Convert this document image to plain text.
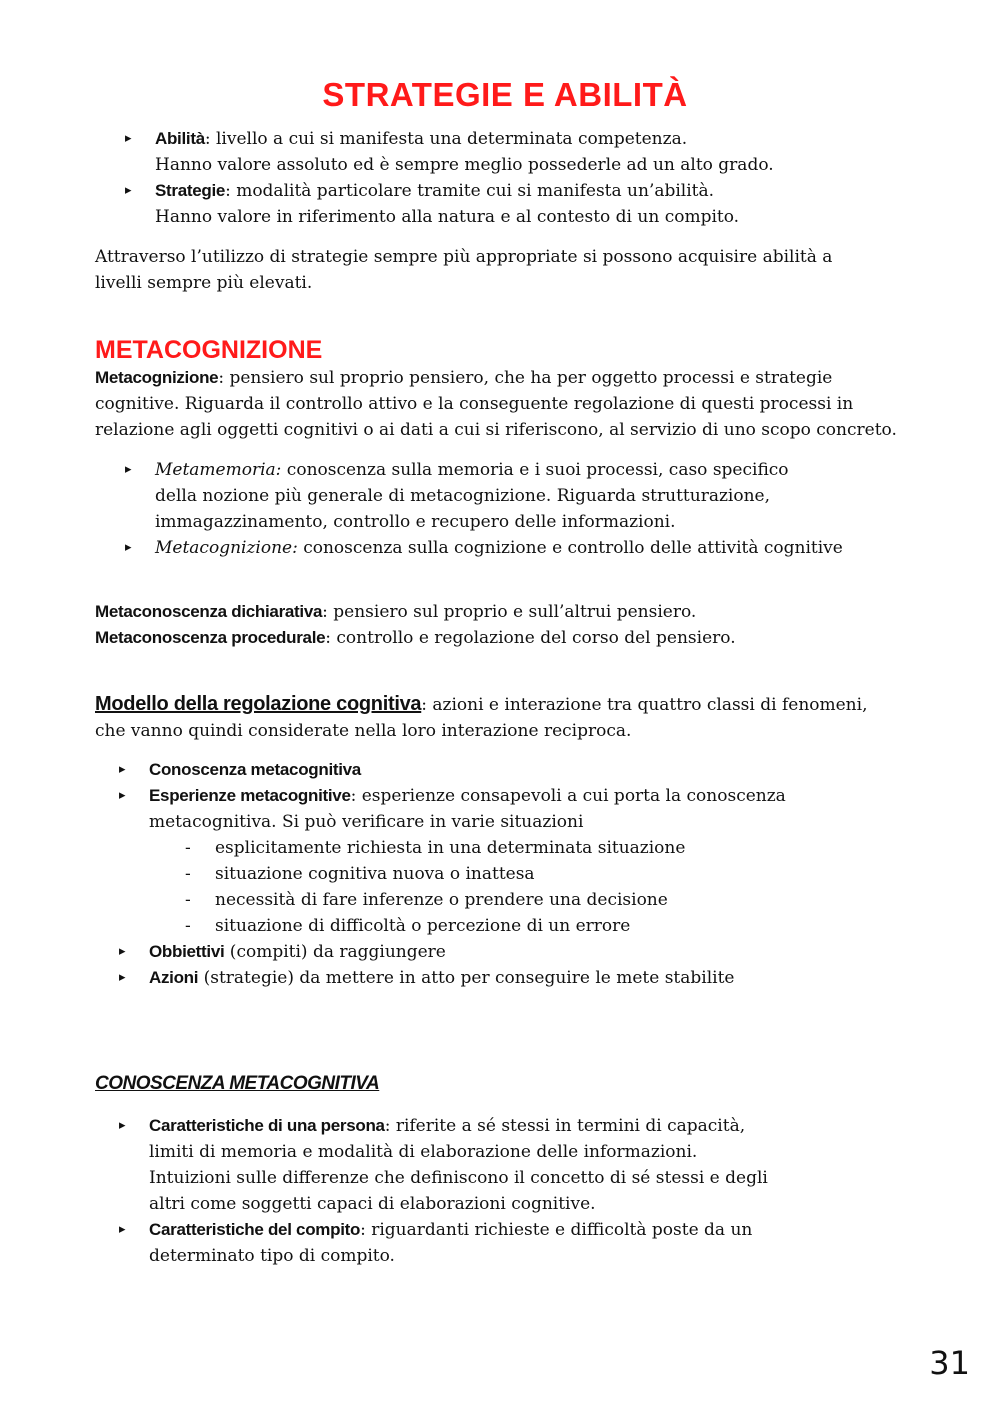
STRATEGIE E ABILITÀ
▸ Abilità: livello a cui si manifesta una determinata competenza.
Hanno valore assoluto ed è sempre meglio possederle ad un alto grado.
▸ Strategie: modalità particolare tramite cui si manifesta un’abilità.
Hanno valore in riferimento alla natura e al contesto di un compito.

Attraverso l’utilizzo di strategie sempre più appropriate si possono acquisire abilità a
livelli sempre più elevati.

METACOGNIZIONE

Metacognizione: pensiero sul proprio pensiero, che ha per oggetto processi e strategie
cognitive. Riguarda il controllo attivo e la conseguente regolazione di questi processi in
relazione agli oggetti cognitivi o ai dati a cui si riferiscono, al servizio di uno scopo concreto.

▸ Metamemoria: conoscenza sulla memoria e i suoi processi, caso specifico
della nozione più generale di metacognizione. Riguarda strutturazione,
immagazzinamento, controllo e recupero delle informazioni.
▸ Metacognizione: conoscenza sulla cognizione e controllo delle attività cognitive

Metaconoscenza dichiarativa: pensiero sul proprio e sull’altrui pensiero.
Metaconoscenza procedurale: controllo e regolazione del corso del pensiero.

Modello della regolazione cognitiva: azioni e interazione tra quattro classi di fenomeni,
che vanno quindi considerate nella loro interazione reciproca.

▸ Conoscenza metacognitiva
▸ Esperienze metacognitive: esperienze consapevoli a cui porta la conoscenza
metacognitiva. Si può verificare in varie situazioni
- esplicitamente richiesta in una determinata situazione
- situazione cognitiva nuova o inattesa
- necessità di fare inferenze o prendere una decisione
- situazione di difficoltà o percezione di un errore
▸ Obbiettivi (compiti) da raggiungere
▸ Azioni (strategie) da mettere in atto per conseguire le mete stabilite
CONOSCENZA METACOGNITIVA
▸ Caratteristiche di una persona: riferite a sé stessi in termini di capacità,
limiti di memoria e modalità di elaborazione delle informazioni.
Intuizioni sulle differenze che definiscono il concetto di sé stessi e degli
altri come soggetti capaci di elaborazioni cognitive.
▸ Caratteristiche del compito: riguardanti richieste e difficoltà poste da un
determinato tipo di compito.
31
